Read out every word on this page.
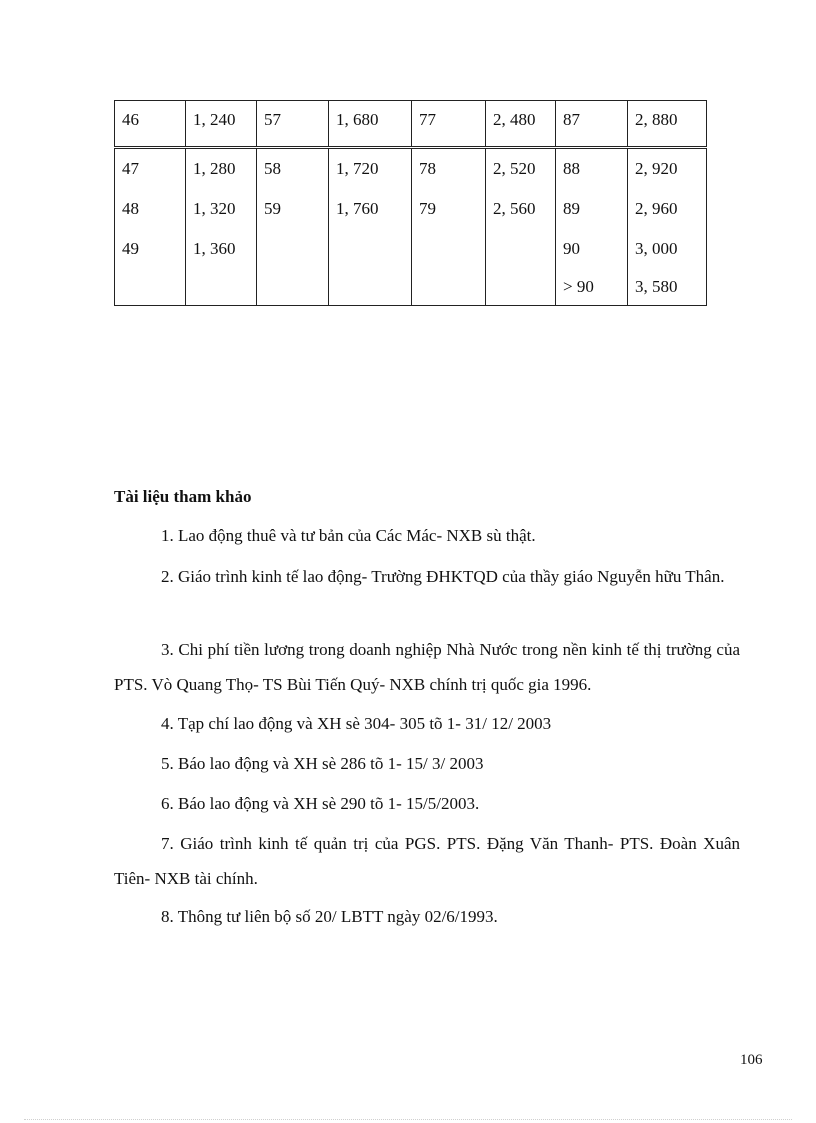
46	1, 240	57	1, 680	77	2, 480	87	2, 880
47	1, 280	58	1, 720	78	2, 520	88	2, 920
48	1, 320	59	1, 760	79	2, 560	89	2, 960
49	1, 360					90	3, 000
						> 90	3, 580
Tài liệu tham khảo
1. Lao động thuê và tư bản của Các Mác- NXB sù thật.
2. Giáo trình kinh tế lao động- Trường ĐHKTQD của thầy giáo Nguyễn hữu Thân.
3. Chi phí tiền lương trong doanh nghiệp Nhà Nước trong nền kinh tế thị trường của PTS. Vò Quang Thọ- TS Bùi Tiến Quý- NXB chính trị quốc gia 1996.
4. Tạp chí lao động và XH sè 304- 305 tõ 1- 31/ 12/ 2003
5. Báo lao động và XH sè 286 tõ 1- 15/ 3/ 2003
6. Báo lao động và XH sè 290 tõ 1- 15/5/2003.
7. Giáo trình kinh tế quản trị của PGS. PTS. Đặng Văn Thanh- PTS. Đoàn Xuân Tiên- NXB tài chính.
8. Thông tư liên bộ số 20/ LBTT ngày 02/6/1993.
106
